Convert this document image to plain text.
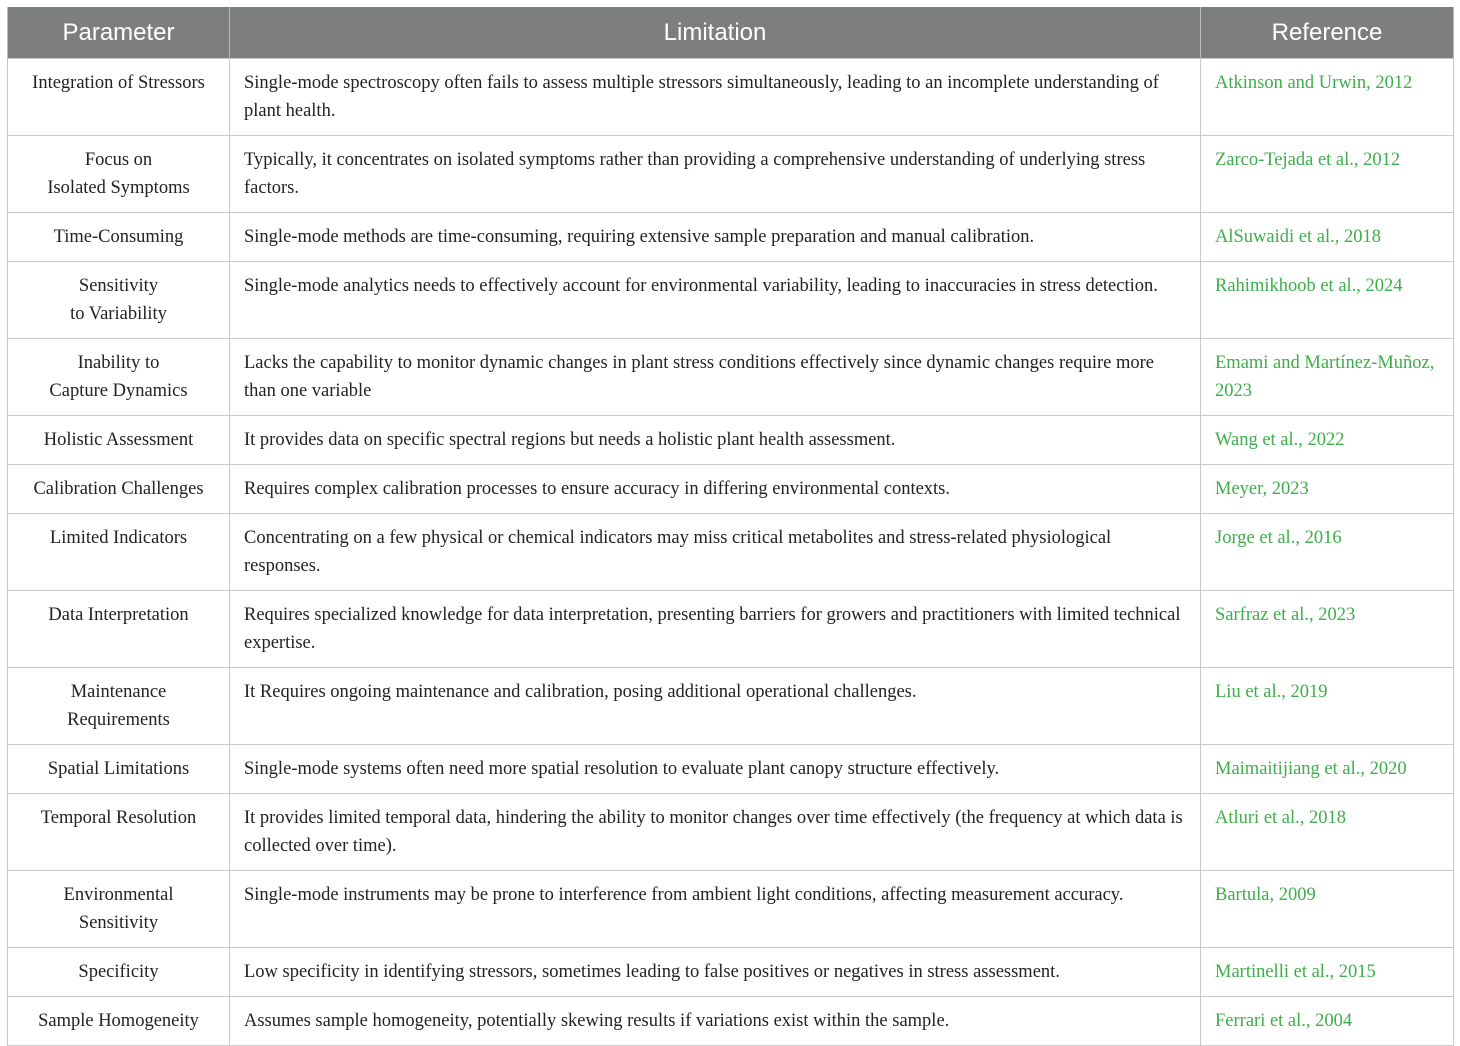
Parameter	Limitation	Reference
Integration of Stressors	Single-mode spectroscopy often fails to assess multiple stressors simultaneously, leading to an incomplete understanding of plant health.	Atkinson and Urwin, 2012
Focus on
Isolated Symptoms	Typically, it concentrates on isolated symptoms rather than providing a comprehensive understanding of underlying stress factors.	Zarco-Tejada et al., 2012
Time-Consuming	Single-mode methods are time-consuming, requiring extensive sample preparation and manual calibration.	AlSuwaidi et al., 2018
Sensitivity
to Variability	Single-mode analytics needs to effectively account for environmental variability, leading to inaccuracies in stress detection.	Rahimikhoob et al., 2024
Inability to
Capture Dynamics	Lacks the capability to monitor dynamic changes in plant stress conditions effectively since dynamic changes require more than one variable	Emami and Martínez-Muñoz, 2023
Holistic Assessment	It provides data on specific spectral regions but needs a holistic plant health assessment.	Wang et al., 2022
Calibration Challenges	Requires complex calibration processes to ensure accuracy in differing environmental contexts.	Meyer, 2023
Limited Indicators	Concentrating on a few physical or chemical indicators may miss critical metabolites and stress-related physiological responses.	Jorge et al., 2016
Data Interpretation	Requires specialized knowledge for data interpretation, presenting barriers for growers and practitioners with limited technical expertise.	Sarfraz et al., 2023
Maintenance
Requirements	It Requires ongoing maintenance and calibration, posing additional operational challenges.	Liu et al., 2019
Spatial Limitations	Single-mode systems often need more spatial resolution to evaluate plant canopy structure effectively.	Maimaitijiang et al., 2020
Temporal Resolution	It provides limited temporal data, hindering the ability to monitor changes over time effectively (the frequency at which data is collected over time).	Atluri et al., 2018
Environmental
Sensitivity	Single-mode instruments may be prone to interference from ambient light conditions, affecting measurement accuracy.	Bartula, 2009
Specificity	Low specificity in identifying stressors, sometimes leading to false positives or negatives in stress assessment.	Martinelli et al., 2015
Sample Homogeneity	Assumes sample homogeneity, potentially skewing results if variations exist within the sample.	Ferrari et al., 2004
